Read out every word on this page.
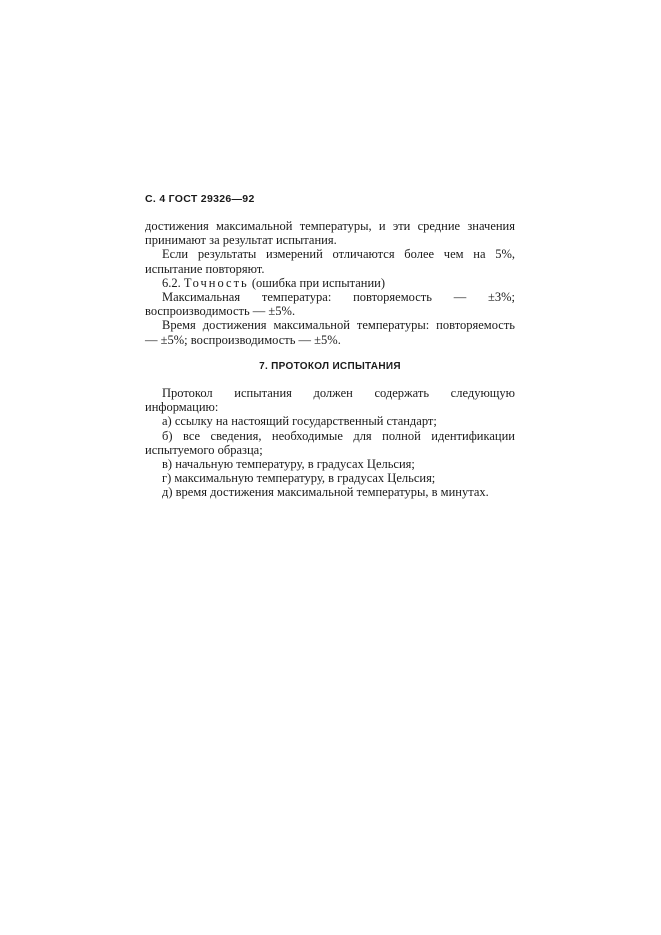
С. 4 ГОСТ 29326—92

достижения максимальной температуры, и эти средние значения принимают за результат испытания.

Если результаты измерений отличаются более чем на 5%, испытание повторяют.

6.2. Точность (ошибка при испытании)

Максимальная температура: повторяемость — ±3%; воспроизводимость — ±5%.

Время достижения максимальной температуры: повторяемость — ±5%; воспроизводимость — ±5%.

7. ПРОТОКОЛ ИСПЫТАНИЯ

Протокол испытания должен содержать следующую информацию:

а) ссылку на настоящий государственный стандарт;

б) все сведения, необходимые для полной идентификации испытуемого образца;

в) начальную температуру, в градусах Цельсия;

г) максимальную температуру, в градусах Цельсия;

д) время достижения максимальной температуры, в минутах.
